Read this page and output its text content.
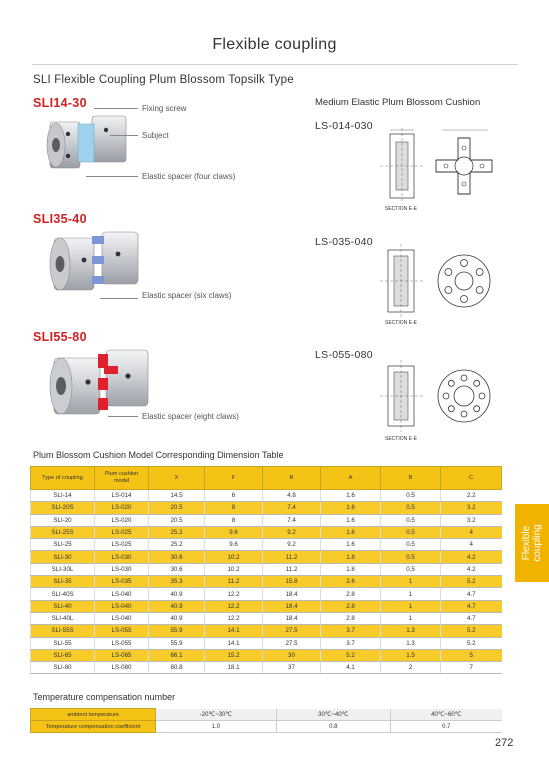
Flexible coupling
SLI Flexible Coupling Plum Blossom Topsilk Type
SLI14-30	Fixing screw
Subject
Elastic spacer (four claws)
SLI35-40
Elastic spacer (six claws)
SLI55-80
Elastic spacer (eight claws)
Medium Elastic Plum Blossom Cushion
LS-014-030
SECTION E-E
LS-035-040
SECTION E-E
LS-055-080
SECTION E-E
Plum Blossom Cushion Model Corresponding Dimension Table
Type of coupling	Plum cushion model	X	F	R	A	B	C
SLI-14	LS-014	14.5	6	4.8	1.6	0.5	2.2
SLI-20S	LS-020	20.5	8	7.4	1.6	0.5	3.2
SLI-20	LS-020	20.5	8	7.4	1.6	0.5	3.2
SLI-25S	LS-025	25.2	9.6	9.2	1.6	0.5	4
SLI-25	LS-025	25.2	9.6	9.2	1.6	0.5	4
SLI-30	LS-030	30.6	10.2	11.2	1.8	0.5	4.2
SLI-30L	LS-030	30.6	10.2	11.2	1.8	0.5	4.2
SLI-35	LS-035	35.3	11.2	15.8	2.6	1	5.2
SLI-40S	LS-040	40.9	12.2	18.4	2.8	1	4.7
SLI-40	LS-040	40.9	12.2	18.4	2.8	1	4.7
SLI-40L	LS-040	40.9	12.2	18.4	2.8	1	4.7
SLI-55S	LS-055	55.9	14.1	27.5	3.7	1.3	5.2
SLI-55	LS-055	55.9	14.1	27.5	3.7	1.3	5.2
SLI-65	LS-065	66.1	15.2	30	5.2	1.5	5
SLI-80	LS-080	80.8	18.1	37	4.1	2	7
Flexible coupling
Temperature compensation number
ambient temperature	-20℃~30℃	30℃~40℃	40℃~60℃
Temperature compensation coefficient	1.0	0.8	0.7
272
